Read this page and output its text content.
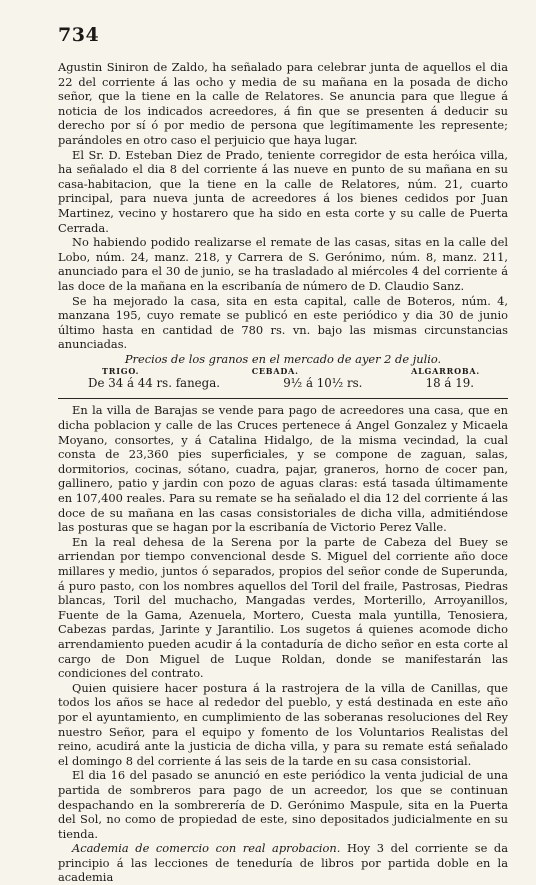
734

Agustin Siniron de Zaldo, ha señalado para celebrar junta de aquellos el dia 22 del corriente á las ocho y media de su mañana en la posada de dicho señor, que la tiene en la calle de Relatores. Se anuncia para que llegue á noticia de los indicados acreedores, á fin que se presenten á deducir su derecho por sí ó por medio de persona que legítimamente les represente; parándoles en otro caso el perjuicio que haya lugar.

El Sr. D. Esteban Diez de Prado, teniente corregidor de esta heróica villa, ha señalado el dia 8 del corriente á las nueve en punto de su mañana en su casa-habitacion, que la tiene en la calle de Relatores, núm. 21, cuarto principal, para nueva junta de acreedores á los bienes cedidos por Juan Martinez, vecino y hostarero que ha sido en esta corte y su calle de Puerta Cerrada.

No habiendo podido realizarse el remate de las casas, sitas en la calle del Lobo, núm. 24, manz. 218, y Carrera de S. Gerónimo, núm. 8, manz. 211, anunciado para el 30 de junio, se ha trasladado al miércoles 4 del corriente á las doce de la mañana en la escribanía de número de D. Claudio Sanz.

Se ha mejorado la casa, sita en esta capital, calle de Boteros, núm. 4, manzana 195, cuyo remate se publicó en este periódico y dia 30 de junio último hasta en cantidad de 780 rs. vn. bajo las mismas circunstancias anunciadas.

Precios de los granos en el mercado de ayer 2 de julio.

TRIGO.	CEBADA.	ALGARROBA.
De 34 á 44 rs. fanega.	9½ á 10½ rs.	18 á 19.

En la villa de Barajas se vende para pago de acreedores una casa, que en dicha poblacion y calle de las Cruces pertenece á Angel Gonzalez y Micaela Moyano, consortes, y á Catalina Hidalgo, de la misma vecindad, la cual consta de 23,360 pies superficiales, y se compone de zaguan, salas, dormitorios, cocinas, sótano, cuadra, pajar, graneros, horno de cocer pan, gallinero, patio y jardin con pozo de aguas claras: está tasada últimamente en 107,400 reales. Para su remate se ha señalado el dia 12 del corriente á las doce de su mañana en las casas consistoriales de dicha villa, admitiéndose las posturas que se hagan por la escribanía de Victorio Perez Valle.

En la real dehesa de la Serena por la parte de Cabeza del Buey se arriendan por tiempo convencional desde S. Miguel del corriente año doce millares y medio, juntos ó separados, propios del señor conde de Superunda, á puro pasto, con los nombres aquellos del Toril del fraile, Pastrosas, Piedras blancas, Toril del muchacho, Mangadas verdes, Morterillo, Arroyanillos, Fuente de la Gama, Azenuela, Mortero, Cuesta mala yuntilla, Tenosiera, Cabezas pardas, Jarinte y Jarantilio. Los sugetos á quienes acomode dicho arrendamiento pueden acudir á la contaduría de dicho señor en esta corte al cargo de Don Miguel de Luque Roldan, donde se manifestarán las condiciones del contrato.

Quien quisiere hacer postura á la rastrojera de la villa de Canillas, que todos los años se hace al rededor del pueblo, y está destinada en este año por el ayuntamiento, en cumplimiento de las soberanas resoluciones del Rey nuestro Señor, para el equipo y fomento de los Voluntarios Realistas del reino, acudirá ante la justicia de dicha villa, y para su remate está señalado el domingo 8 del corriente á las seis de la tarde en su casa consistorial.

El dia 16 del pasado se anunció en este periódico la venta judicial de una partida de sombreros para pago de un acreedor, los que se continuan despachando en la sombrerería de D. Gerónimo Maspule, sita en la Puerta del Sol, no como de propiedad de este, sino depositados judicialmente en su tienda.

Academia de comercio con real aprobacion. Hoy 3 del corriente se da principio á las lecciones de teneduría de libros por partida doble en la academia
